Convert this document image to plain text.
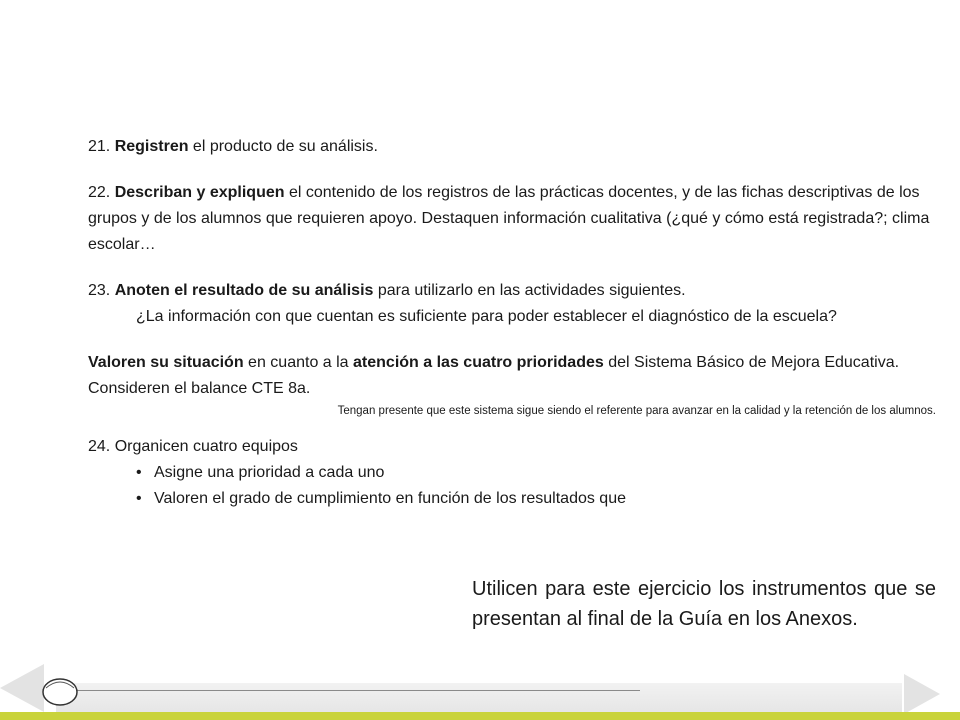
21. Registren el producto de su análisis.

22. Describan y expliquen el contenido de los registros de las prácticas docentes, y de las fichas descriptivas de los grupos y de los alumnos que requieren apoyo. Destaquen información cualitativa (¿qué y cómo está registrada?; clima escolar…

23. Anoten el resultado de su análisis para utilizarlo en las actividades siguientes.

¿La información con que cuentan es suficiente para poder establecer el diagnóstico de la escuela?

Valoren su situación en cuanto a la atención a las cuatro prioridades del Sistema Básico de Mejora Educativa. Consideren el balance CTE 8a.

Tengan presente que este sistema sigue siendo el referente para avanzar en la calidad y la retención de los alumnos.

24. Organicen cuatro equipos

• Asigne una prioridad a cada uno
• Valoren el grado de cumplimiento en función de los resultados que

Utilicen para este ejercicio los instrumentos que se presentan al final de la Guía en los Anexos.
